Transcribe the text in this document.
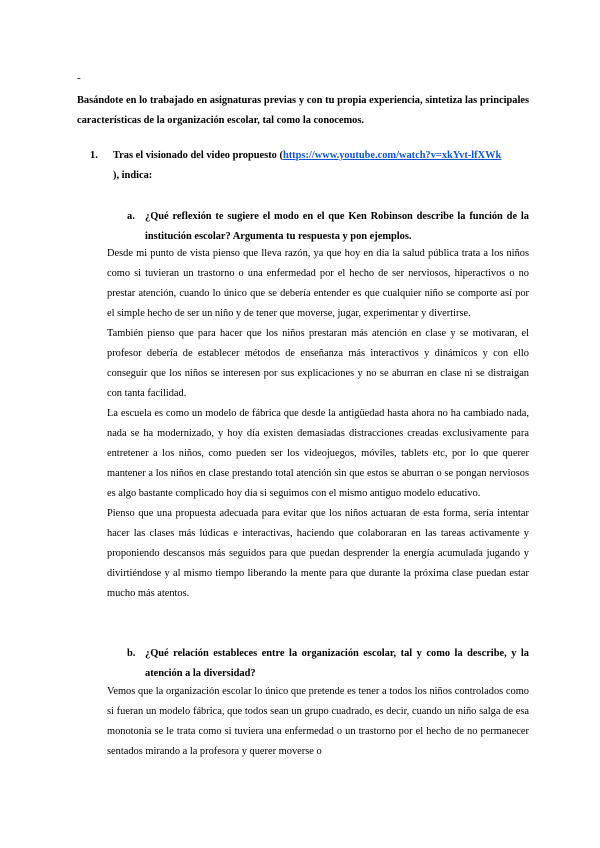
-
Basándote en lo trabajado en asignaturas previas y con tu propia experiencia, sintetiza las principales características de la organización escolar, tal como la conocemos.
1. Tras el visionado del video propuesto (https://www.youtube.com/watch?v=xkYvt-lfXWk
), indica:
a. ¿Qué reflexión te sugiere el modo en el que Ken Robinson describe la función de la institución escolar? Argumenta tu respuesta y pon ejemplos.

Desde mi punto de vista pienso que lleva razón, ya que hoy en día la salud pública trata a los niños como si tuvieran un trastorno o una enfermedad por el hecho de ser nerviosos, hiperactivos o no prestar atención, cuando lo único que se debería entender es que cualquier niño se comporte así por el simple hecho de ser un niño y de tener que moverse, jugar, experimentar y divertirse.

También pienso que para hacer que los niños prestaran más atención en clase y se motivaran, el profesor debería de establecer métodos de enseñanza más interactivos y dinámicos y con ello conseguir que los niños se interesen por sus explicaciones y no se aburran en clase ni se distraigan con tanta facilidad.

La escuela es como un modelo de fábrica que desde la antigüedad hasta ahora no ha cambiado nada, nada se ha modernizado, y hoy día existen demasiadas distracciones creadas exclusivamente para entretener a los niños, como pueden ser los videojuegos, móviles, tablets etc, por lo que querer mantener a los niños en clase prestando total atención sin que estos se aburran o se pongan nerviosos es algo bastante complicado hoy día si seguimos con el mismo antiguo modelo educativo.

Pienso que una propuesta adecuada para evitar que los niños actuaran de esta forma, sería intentar hacer las clases más lúdicas e interactivas, haciendo que colaboraran en las tareas activamente y proponiendo descansos más seguidos para que puedan desprender la energía acumulada jugando y divirtiéndose y al mismo tiempo liberando la mente para que durante la próxima clase puedan estar mucho más atentos.

b. ¿Qué relación estableces entre la organización escolar, tal y como la describe, y la atención a la diversidad?

Vemos que la organización escolar lo único que pretende es tener a todos los niños controlados como si fueran un modelo fábrica, que todos sean un grupo cuadrado, es decir, cuando un niño salga de esa monotonía se le trata como si tuviera una enfermedad o un trastorno por el hecho de no permanecer sentados mirando a la profesora y querer moverse o
